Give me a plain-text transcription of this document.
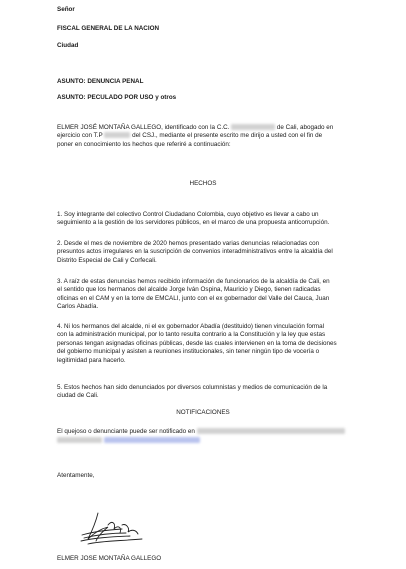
Señor
FISCAL GENERAL DE LA NACION
Ciudad
ASUNTO: DENUNCIA PENAL
ASUNTO: PECULADO POR USO y otros
ELMER JOSÉ MONTAÑA GALLEGO, identificado con la C.C.	de Cali, abogado en
ejercicio con T.P	del CSJ., mediante el presente escrito me dirijo a usted con el fin de
poner en conocimiento los hechos que referiré a continuación:
HECHOS
1. Soy integrante del colectivo Control Ciudadano Colombia, cuyo objetivo es llevar a cabo un
seguimiento a la gestión de los servidores públicos, en el marco de una propuesta anticorrupción.
2. Desde el mes de noviembre de 2020 hemos presentado varias denuncias relacionadas con
presuntos actos irregulares en la suscripción de convenios interadministrativos entre la alcaldía del
Distrito Especial de Cali y Corfecali.
3. A raíz de estas denuncias hemos recibido información de funcionarios de la alcaldía de Cali, en
el sentido que los hermanos del alcalde Jorge Iván Ospina, Mauricio y Diego, tienen radicadas
oficinas en el CAM y en la torre de EMCALI, junto con el ex gobernador del Valle del Cauca, Juan
Carlos Abadía.
4. Ni los hermanos del alcalde, ni el ex gobernador Abadía (destituido) tienen vinculación formal
con la administración municipal, por lo tanto resulta contrario a la Constitución y la ley que estas
personas tengan asignadas oficinas públicas, desde las cuales intervienen en la toma de decisiones
del gobierno municipal y asisten a reuniones institucionales, sin tener ningún tipo de vocería o
legitimidad para hacerlo.
5. Estos hechos han sido denunciados por diversos columnistas y medios de comunicación de la
ciudad de Cali.
NOTIFICACIONES
El quejoso o denunciante puede ser notificado en

Atentamente,
ELMER JOSE MONTAÑA GALLEGO
